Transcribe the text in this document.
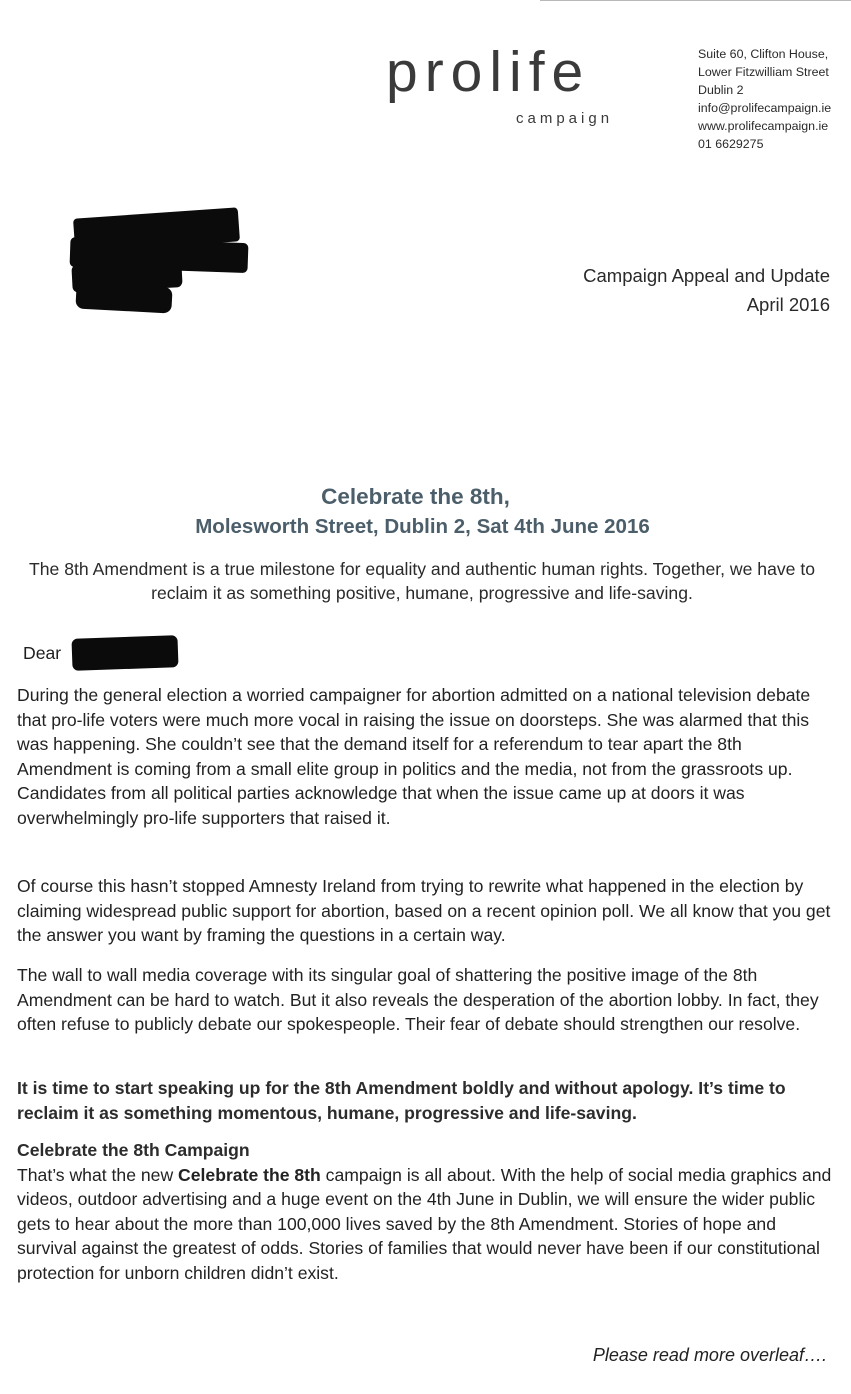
prolife
campaign
Suite 60, Clifton House,
Lower Fitzwilliam Street
Dublin 2
info@prolifecampaign.ie
www.prolifecampaign.ie
01 6629275
Campaign Appeal and Update
April 2016
Celebrate the 8th,
Molesworth Street, Dublin 2, Sat 4th June 2016
The 8th Amendment is a true milestone for equality and authentic human rights. Together, we have to reclaim it as something positive, humane, progressive and life-saving.
Dear

During the general election a worried campaigner for abortion admitted on a national television debate that pro-life voters were much more vocal in raising the issue on doorsteps. She was alarmed that this was happening. She couldn’t see that the demand itself for a referendum to tear apart the 8th Amendment is coming from a small elite group in politics and the media, not from the grassroots up. Candidates from all political parties acknowledge that when the issue came up at doors it was overwhelmingly pro-life supporters that raised it.

Of course this hasn’t stopped Amnesty Ireland from trying to rewrite what happened in the election by claiming widespread public support for abortion, based on a recent opinion poll. We all know that you get the answer you want by framing the questions in a certain way.

The wall to wall media coverage with its singular goal of shattering the positive image of the 8th Amendment can be hard to watch. But it also reveals the desperation of the abortion lobby. In fact, they often refuse to publicly debate our spokespeople. Their fear of debate should strengthen our resolve.

It is time to start speaking up for the 8th Amendment boldly and without apology. It’s time to reclaim it as something momentous, humane, progressive and life-saving.

Celebrate the 8th Campaign

That’s what the new Celebrate the 8th campaign is all about. With the help of social media graphics and videos, outdoor advertising and a huge event on the 4th June in Dublin, we will ensure the wider public gets to hear about the more than 100,000 lives saved by the 8th Amendment. Stories of hope and survival against the greatest of odds. Stories of families that would never have been if our constitutional protection for unborn children didn’t exist.

Please read more overleaf….
